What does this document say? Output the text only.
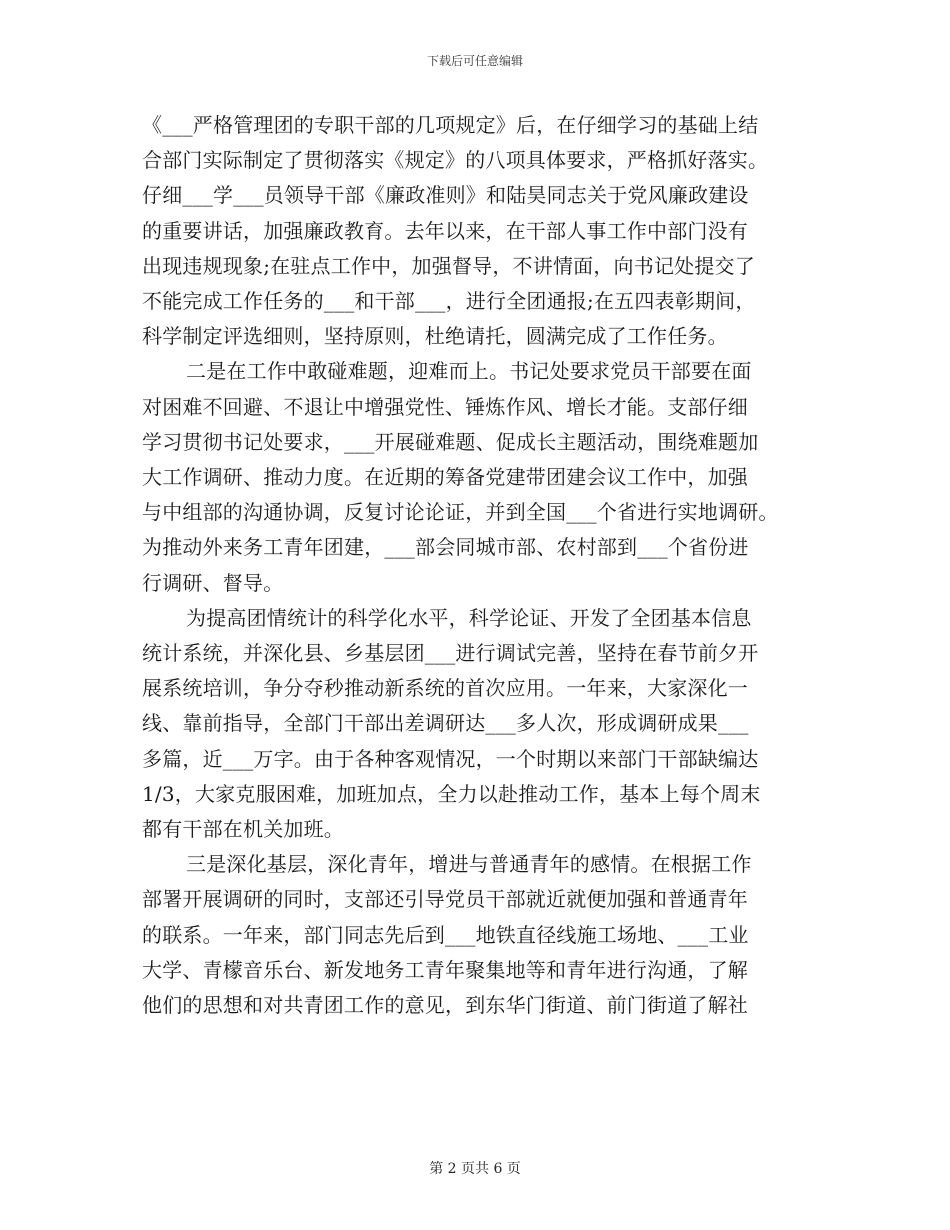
下载后可任意编辑
《___严格管理团的专职干部的几项规定》后，在仔细学习的基础上结
合部门实际制定了贯彻落实《规定》的八项具体要求，严格抓好落实。
仔细___学___员领导干部《廉政准则》和陆昊同志关于党风廉政建设
的重要讲话，加强廉政教育。去年以来，在干部人事工作中部门没有
出现违规现象;在驻点工作中，加强督导，不讲情面，向书记处提交了
不能完成工作任务的___和干部___，进行全团通报;在五四表彰期间，
科学制定评选细则，坚持原则，杜绝请托，圆满完成了工作任务。
二是在工作中敢碰难题，迎难而上。书记处要求党员干部要在面
对困难不回避、不退让中增强党性、锤炼作风、增长才能。支部仔细
学习贯彻书记处要求，___开展碰难题、促成长主题活动，围绕难题加
大工作调研、推动力度。在近期的筹备党建带团建会议工作中，加强
与中组部的沟通协调，反复讨论论证，并到全国___个省进行实地调研。
为推动外来务工青年团建，___部会同城市部、农村部到___个省份进
行调研、督导。
为提高团情统计的科学化水平，科学论证、开发了全团基本信息
统计系统，并深化县、乡基层团___进行调试完善，坚持在春节前夕开
展系统培训，争分夺秒推动新系统的首次应用。一年来，大家深化一
线、靠前指导，全部门干部出差调研达___多人次，形成调研成果___
多篇，近___万字。由于各种客观情况，一个时期以来部门干部缺编达
1/3，大家克服困难，加班加点，全力以赴推动工作，基本上每个周末
都有干部在机关加班。
三是深化基层，深化青年，增进与普通青年的感情。在根据工作
部署开展调研的同时，支部还引导党员干部就近就便加强和普通青年
的联系。一年来，部门同志先后到___地铁直径线施工场地、___工业
大学、青檬音乐台、新发地务工青年聚集地等和青年进行沟通，了解
他们的思想和对共青团工作的意见，到东华门街道、前门街道了解社
第 2 页共 6 页
